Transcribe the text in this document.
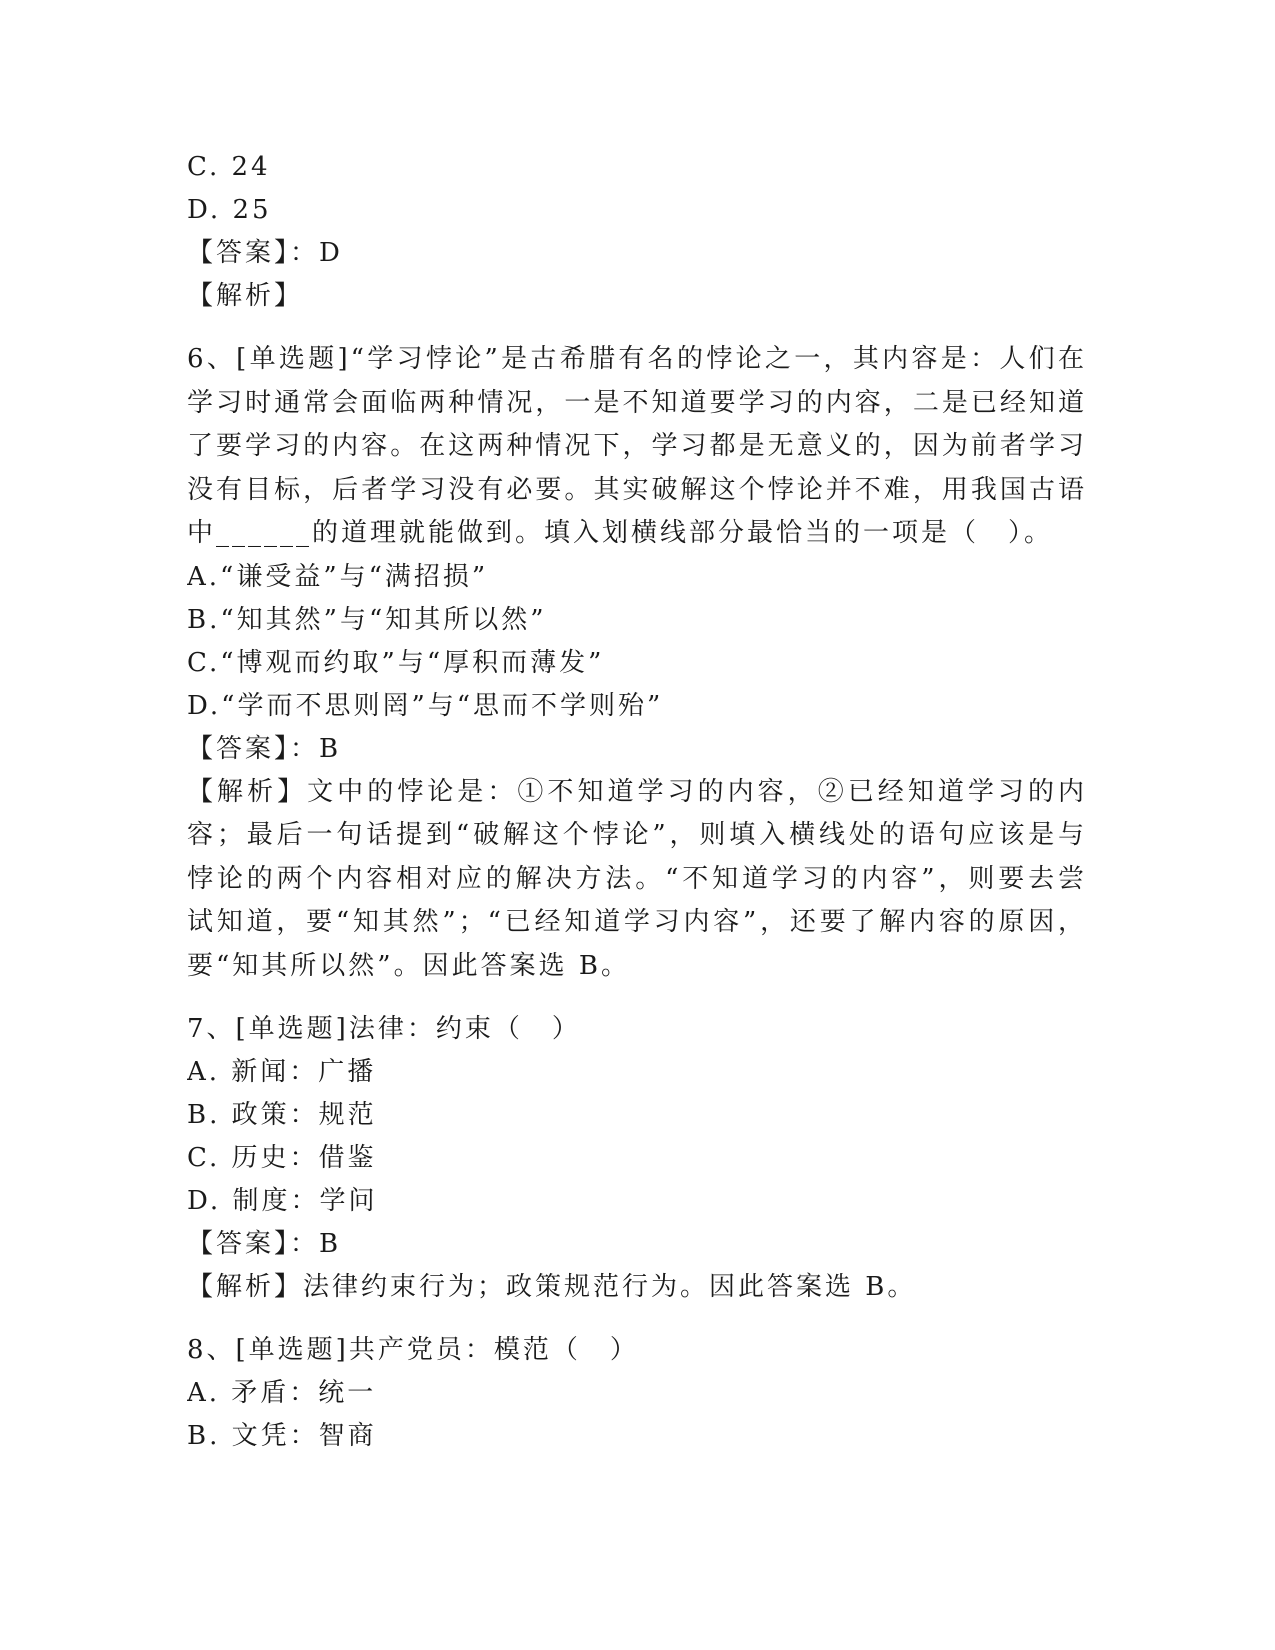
C. 24
D. 25
【答案】：D
【解析】
6、[单选题]“学习悖论”是古希腊有名的悖论之一，其内容是：人们在学习时通常会面临两种情况，一是不知道要学习的内容，二是已经知道了要学习的内容。在这两种情况下，学习都是无意义的，因为前者学习没有目标，后者学习没有必要。其实破解这个悖论并不难，用我国古语中______的道理就能做到。填入划横线部分最恰当的一项是（　）。
A.“谦受益”与“满招损”
B.“知其然”与“知其所以然”
C.“博观而约取”与“厚积而薄发”
D.“学而不思则罔”与“思而不学则殆”
【答案】：B
【解析】文中的悖论是：①不知道学习的内容，②已经知道学习的内容；最后一句话提到“破解这个悖论”，则填入横线处的语句应该是与悖论的两个内容相对应的解决方法。“不知道学习的内容”，则要去尝试知道，要“知其然”；“已经知道学习内容”，还要了解内容的原因，要“知其所以然”。因此答案选 B。
7、[单选题]法律：约束（　）
A. 新闻：广播
B. 政策：规范
C. 历史：借鉴
D. 制度：学问
【答案】：B
【解析】法律约束行为；政策规范行为。因此答案选 B。
8、[单选题]共产党员：模范（　）
A. 矛盾：统一
B. 文凭：智商
